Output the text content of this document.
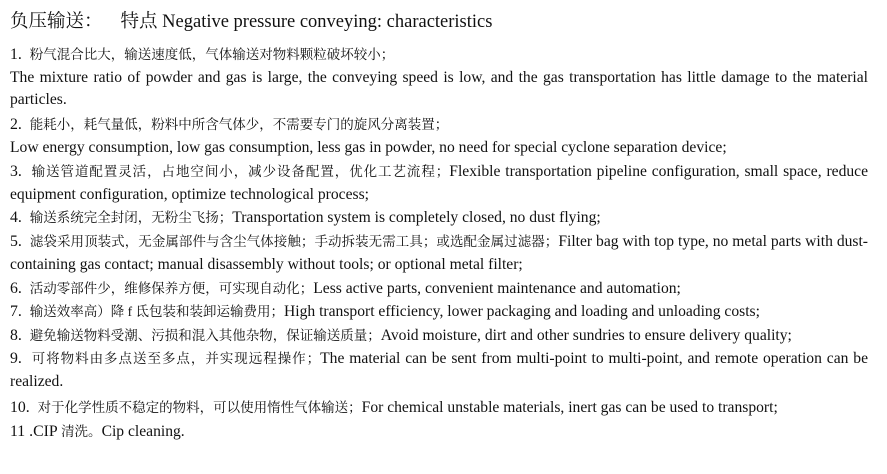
负压输送： 特点 Negative pressure conveying: characteristics
1. 粉气混合比大，输送速度低，气体输送对物料颗粒破坏较小；
The mixture ratio of powder and gas is large, the conveying speed is low, and the gas transportation has little damage to the material particles.
2. 能耗小，耗气量低，粉料中所含气体少，不需要专门的旋风分离装置；
Low energy consumption, low gas consumption, less gas in powder, no need for special cyclone separation device;
3. 输送管道配置灵活，占地空间小，减少设备配置，优化工艺流程；Flexible transportation pipeline configuration, small space, reduce equipment configuration, optimize technological process;
4. 输送系统完全封闭，无粉尘飞扬；Transportation system is completely closed, no dust flying;
5. 滤袋采用顶装式，无金属部件与含尘气体接触；手动拆装无需工具；或选配金属过滤器；Filter bag with top type, no metal parts with dust-containing gas contact; manual disassembly without tools; or optional metal filter;
6. 活动零部件少，维修保养方便，可实现自动化；Less active parts, convenient maintenance and automation;
7. 输送效率高）降 f 氐包装和装卸运输费用；High transport efficiency, lower packaging and loading and unloading costs;
8. 避免输送物料受潮、污损和混入其他杂物，保证输送质量；Avoid moisture, dirt and other sundries to ensure delivery quality;
9. 可将物料由多点送至多点，并实现远程操作；The material can be sent from multi-point to multi-point, and remote operation can be realized.
10. 对于化学性质不稳定的物料，可以使用惰性气体输送；For chemical unstable materials, inert gas can be used to transport;
11 .CIP 清洗。Cip cleaning.
